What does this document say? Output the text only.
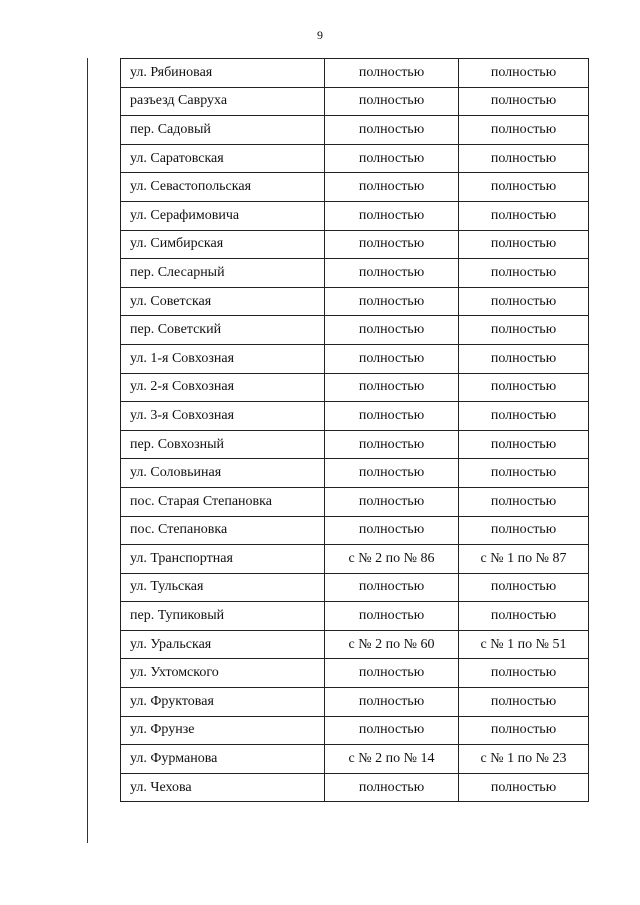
9
ул. Рябиновая	полностью	полностью
разъезд Савруха	полностью	полностью
пер. Садовый	полностью	полностью
ул. Саратовская	полностью	полностью
ул. Севастопольская	полностью	полностью
ул. Серафимовича	полностью	полностью
ул. Симбирская	полностью	полностью
пер. Слесарный	полностью	полностью
ул. Советская	полностью	полностью
пер. Советский	полностью	полностью
ул. 1-я Совхозная	полностью	полностью
ул. 2-я Совхозная	полностью	полностью
ул. 3-я Совхозная	полностью	полностью
пер. Совхозный	полностью	полностью
ул. Соловьиная	полностью	полностью
пос. Старая Степановка	полностью	полностью
пос. Степановка	полностью	полностью
ул. Транспортная	с № 2 по № 86	с № 1 по № 87
ул. Тульская	полностью	полностью
пер. Тупиковый	полностью	полностью
ул. Уральская	с № 2 по № 60	с № 1 по № 51
ул. Ухтомского	полностью	полностью
ул. Фруктовая	полностью	полностью
ул. Фрунзе	полностью	полностью
ул. Фурманова	с № 2 по № 14	с № 1 по № 23
ул. Чехова	полностью	полностью
